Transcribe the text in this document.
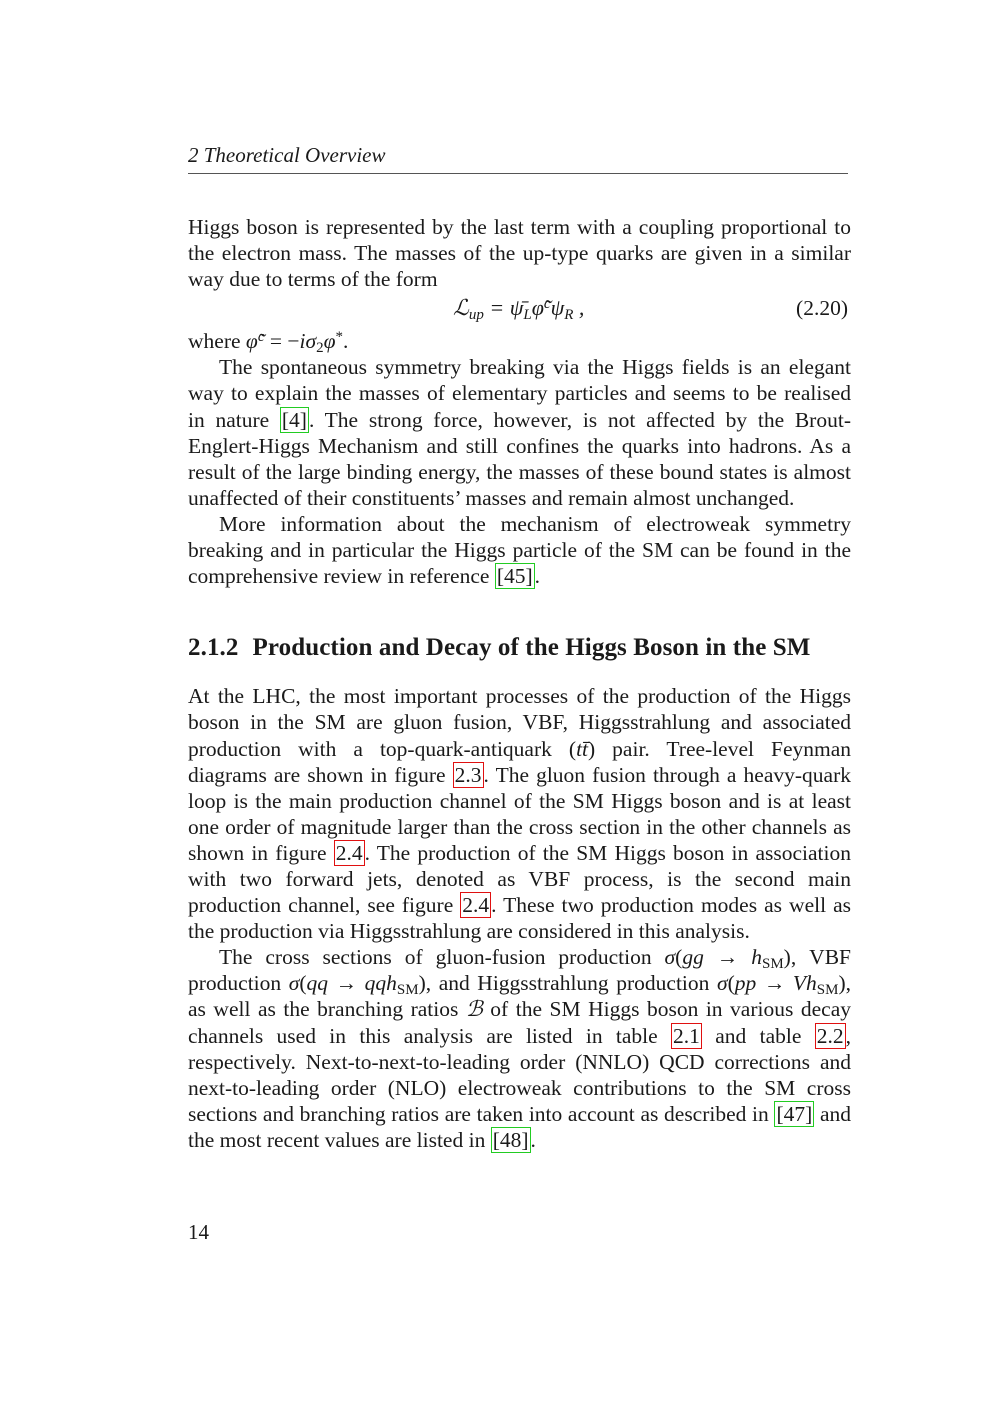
2 Theoretical Overview

Higgs boson is represented by the last term with a coupling proportional to the electron mass. The masses of the up-type quarks are given in a similar way due to terms of the form

ℒ$_{up}$ = $\psī_L\varphĩ^c\psi_R$ ,	(2.20)

where φ̃$^c$ = $-i\sigma_2\varphi^*$.

The spontaneous symmetry breaking via the Higgs fields is an elegant way to explain the masses of elementary particles and seems to be realised in nature [4]. The strong force, however, is not affected by the Brout-Englert-Higgs Mechanism and still confines the quarks into hadrons. As a result of the large binding energy, the masses of these bound states is almost unaffected of their constituents’ masses and remain almost unchanged.

More information about the mechanism of electroweak symmetry breaking and in particular the Higgs particle of the SM can be found in the comprehensive review in reference [45].

2.1.2 Production and Decay of the Higgs Boson in the SM

At the LHC, the most important processes of the production of the Higgs boson in the SM are gluon fusion, VBF, Higgsstrahlung and associated production with a top-quark-antiquark (tt̄) pair. Tree-level Feynman diagrams are shown in figure 2.3. The gluon fusion through a heavy-quark loop is the main production channel of the SM Higgs boson and is at least one order of magnitude larger than the cross section in the other channels as shown in figure 2.4. The production of the SM Higgs boson in association with two forward jets, denoted as VBF process, is the second main production channel, see figure 2.4. These two production modes as well as the production via Higgsstrahlung are considered in this analysis.

The cross sections of gluon-fusion production $\sigma(gg \to h_{SM})$, VBF production σ(qq → qqh$_{SM}$), and Higgsstrahlung production $\sigma(pp \to Vh_{SM})$, as well as the branching ratios ℬ of the SM Higgs boson in various decay channels used in this analysis are listed in table 2.1 and table 2.2, respectively. Next-to-next-to-leading order (NNLO) QCD corrections and next-to-leading order (NLO) electroweak contributions to the SM cross sections and branching ratios are taken into account as described in [47] and the most recent values are listed in [48].

14
